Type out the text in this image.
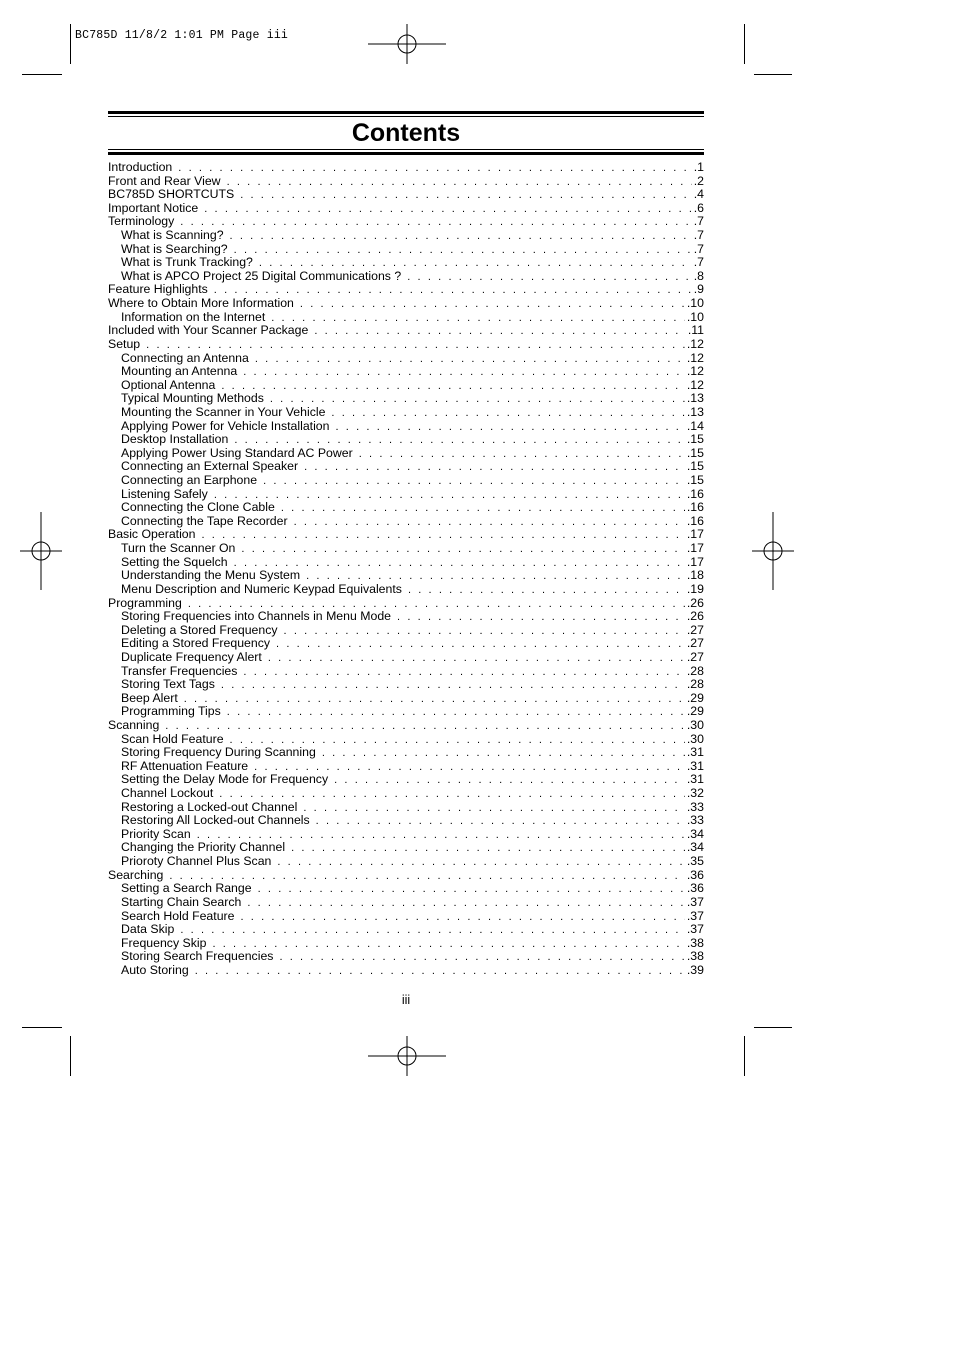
BC785D 11/8/2 1:01 PM Page iii
Contents
Introduction . . .	.1
Front and Rear View . . .	.2
BC785D SHORTCUTS . . .	.4
Important Notice . . .	.6
Terminology . . .	.7
What is Scanning? . . .	.7
What is Searching? . . .	.7
What is Trunk Tracking? . . .	.7
What is APCO Project 25 Digital Communications ? . . .	.8
Feature Highlights . . .	.9
Where to Obtain More Information . . .	.10
Information on the Internet . . .	.10
Included with Your Scanner Package . . .	.11
Setup . . .	.12
Connecting an Antenna . . .	.12
Mounting an Antenna . . .	.12
Optional Antenna . . .	.12
Typical Mounting Methods . . .	.13
Mounting the Scanner in Your Vehicle . . .	.13
Applying Power for Vehicle Installation . . .	.14
Desktop Installation . . .	.15
Applying Power Using Standard AC Power . . .	.15
Connecting an External Speaker . . .	.15
Connecting an Earphone . . .	.15
Listening Safely . . .	.16
Connecting the Clone Cable . . .	.16
Connecting the Tape Recorder . . .	.16
Basic Operation . . .	.17
Turn the Scanner On . . .	.17
Setting the Squelch . . .	.17
Understanding the Menu System . . .	.18
Menu Description and Numeric Keypad Equivalents . . .	.19
Programming . . .	.26
Storing Frequencies into Channels in Menu Mode . . .	.26
Deleting a Stored Frequency . . .	.27
Editing a Stored Frequency . . .	.27
Duplicate Frequency Alert . . .	.27
Transfer Frequencies . . .	.28
Storing Text Tags . . .	.28
Beep Alert . . .	.29
Programming Tips . . .	.29
Scanning . . .	.30
Scan Hold Feature . . .	.30
Storing Frequency During Scanning . . .	.31
RF Attenuation Feature . . .	.31
Setting the Delay Mode for Frequency . . .	.31
Channel Lockout . . .	.32
Restoring a Locked-out Channel . . .	.33
Restoring All Locked-out Channels . . .	.33
Priority Scan . . .	.34
Changing the Priority Channel . . .	.34
Prioroty Channel Plus Scan . . .	.35
Searching . . .	.36
Setting a Search Range . . .	.36
Starting Chain Search . . .	.37
Search Hold Feature . . .	.37
Data Skip . . .	.37
Frequency Skip . . .	.38
Storing Search Frequencies . . .	.38
Auto Storing . . .	.39
iii
